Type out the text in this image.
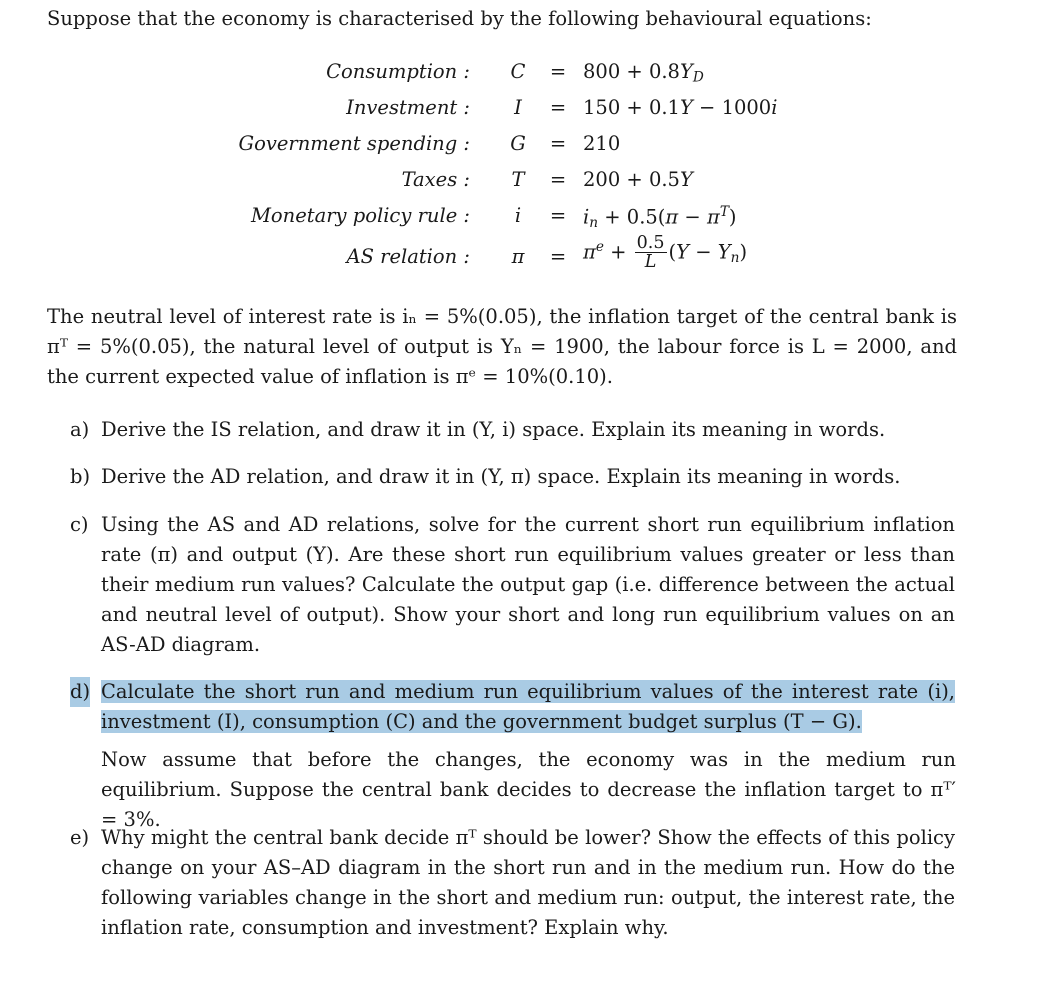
Suppose that the economy is characterised by the following behavioural equations:
Consumption :	C	= $800 + 0.8Y_D$
Investment :	I	= 150 + 0.1Y − 1000i
Government spending :	G	= 210
Taxes :	T	= 200 + 0.5Y
Monetary policy rule :	i	= $i_n + 0.5(\pi - \pi^T)$
AS relation :	π	= $\pi^e + \frac{0.5}{L} (Y - Y_n)$
The neutral level of interest rate is iₙ = 5%(0.05), the inflation target of the central bank is πᵀ = 5%(0.05), the natural level of output is Yₙ = 1900, the labour force is L = 2000, and the current expected value of inflation is πᵉ = 10%(0.10).
a) Derive the IS relation, and draw it in (Y, i) space. Explain its meaning in words.
b) Derive the AD relation, and draw it in (Y, π) space. Explain its meaning in words.
c) Using the AS and AD relations, solve for the current short run equilibrium inflation rate (π) and output (Y). Are these short run equilibrium values greater or less than their medium run values? Calculate the output gap (i.e. difference between the actual and neutral level of output). Show your short and long run equilibrium values on an AS-AD diagram.
d) Calculate the short run and medium run equilibrium values of the interest rate (i), investment (I), consumption (C) and the government budget surplus (T − G).
Now assume that before the changes, the economy was in the medium run equilibrium. Suppose the central bank decides to decrease the inflation target to πᵀ′ = 3%.
e) Why might the central bank decide πᵀ should be lower? Show the effects of this policy change on your AS–AD diagram in the short run and in the medium run. How do the following variables change in the short and medium run: output, the interest rate, the inflation rate, consumption and investment? Explain why.
